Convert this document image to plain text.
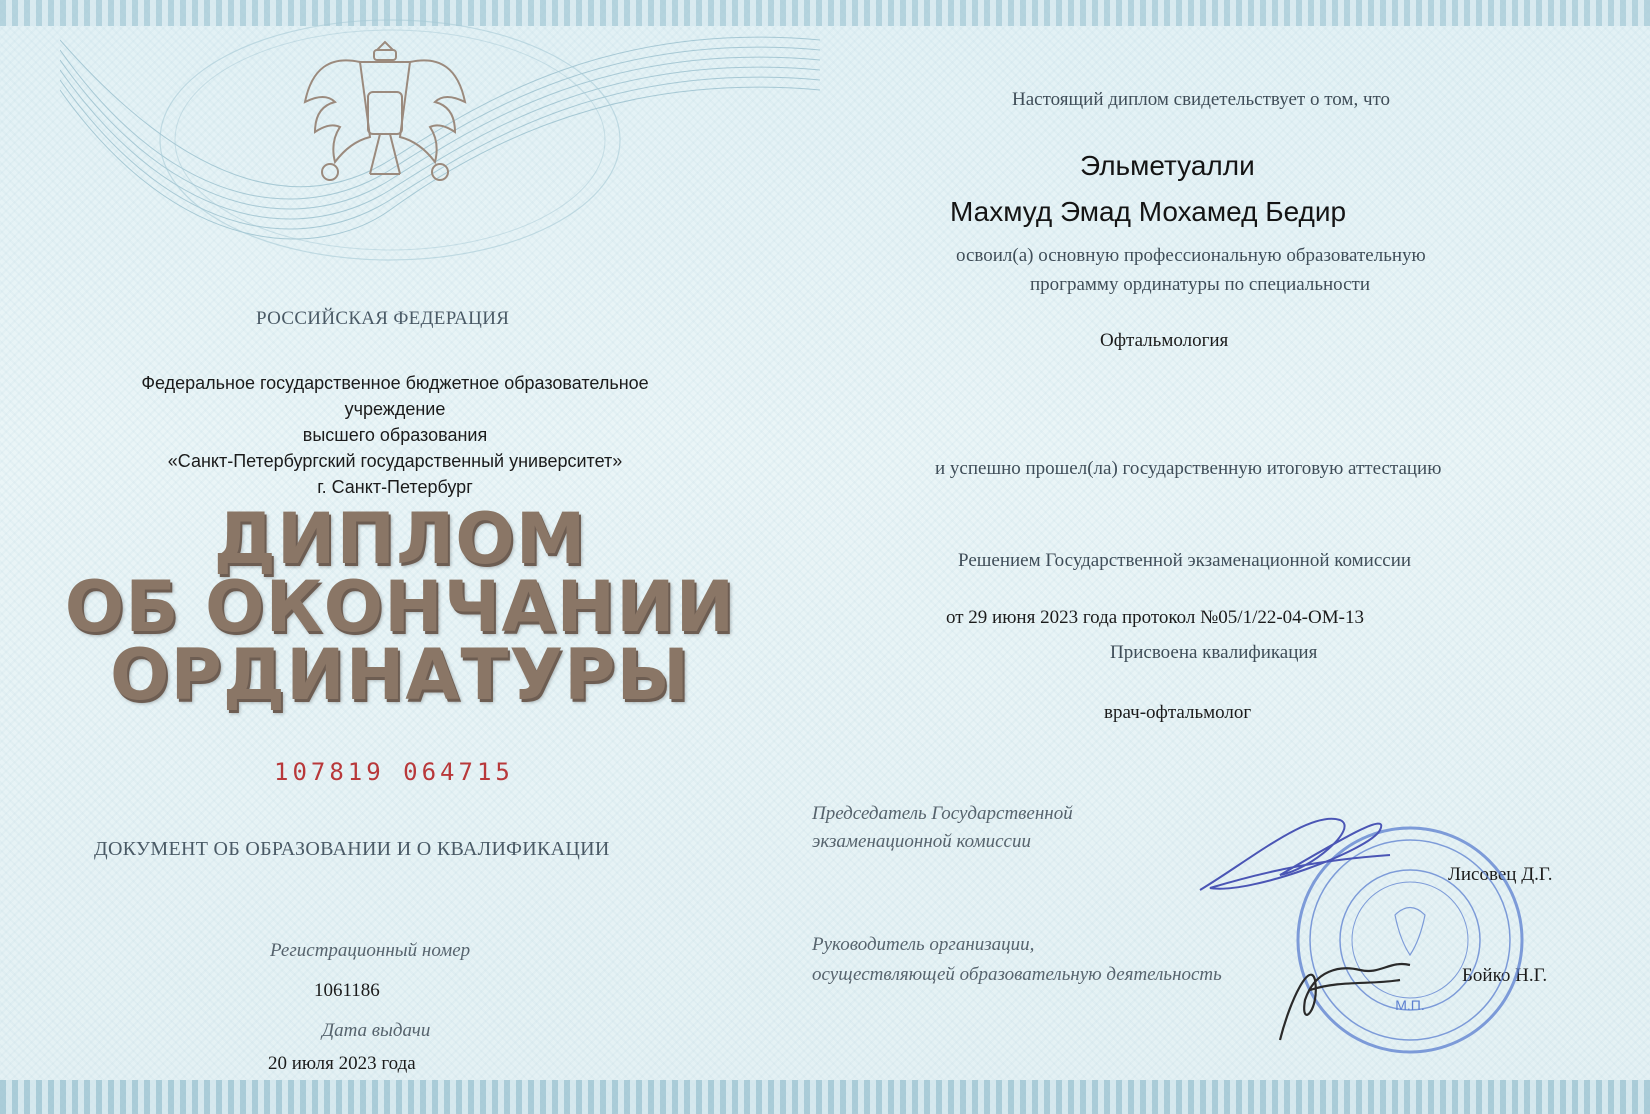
РОССИЙСКАЯ ФЕДЕРАЦИЯ
Федеральное государственное бюджетное образовательное
учреждение
высшего образования
«Санкт-Петербургский государственный университет»
г. Санкт-Петербург
ДИПЛОМ
ОБ ОКОНЧАНИИ
ОРДИНАТУРЫ
107819 064715
ДОКУМЕНТ ОБ ОБРАЗОВАНИИ И О КВАЛИФИКАЦИИ
Регистрационный номер
1061186
Дата выдачи
20 июля 2023 года
Настоящий диплом свидетельствует о том, что
Эльметуалли
Махмуд Эмад Мохамед Бедир
освоил(а) основную профессиональную образовательную
программу ординатуры по специальности
Офтальмология
и успешно прошел(ла) государственную итоговую аттестацию
Решением Государственной экзаменационной комиссии
от 29 июня 2023 года протокол №05/1/22-04-ОМ-13
Присвоена квалификация
врач-офтальмолог
Председатель Государственной
экзаменационной комиссии
Лисовец Д.Г.
Руководитель организации,
осуществляющей образовательную деятельность	Бойко Н.Г.
М.П.
